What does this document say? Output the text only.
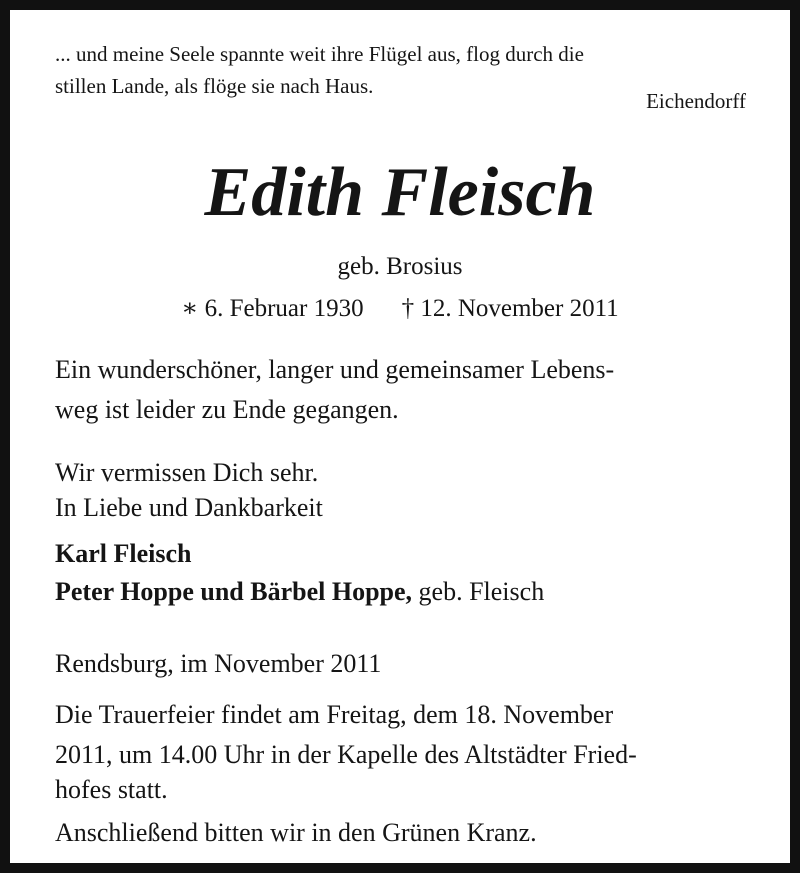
... und meine Seele spannte weit ihre Flügel aus, flog durch die
stillen Lande, als flöge sie nach Haus.
Eichendorff
Edith Fleisch
geb. Brosius
∗ 6. Februar 1930 † 12. November 2011
Ein wunderschöner, langer und gemeinsamer Lebens-
weg ist leider zu Ende gegangen.
Wir vermissen Dich sehr.
In Liebe und Dankbarkeit
Karl Fleisch
Peter Hoppe und Bärbel Hoppe, geb. Fleisch
Rendsburg, im November 2011
Die Trauerfeier findet am Freitag, dem 18. November
2011, um 14.00 Uhr in der Kapelle des Altstädter Fried-
hofes statt.
Anschließend bitten wir in den Grünen Kranz.
